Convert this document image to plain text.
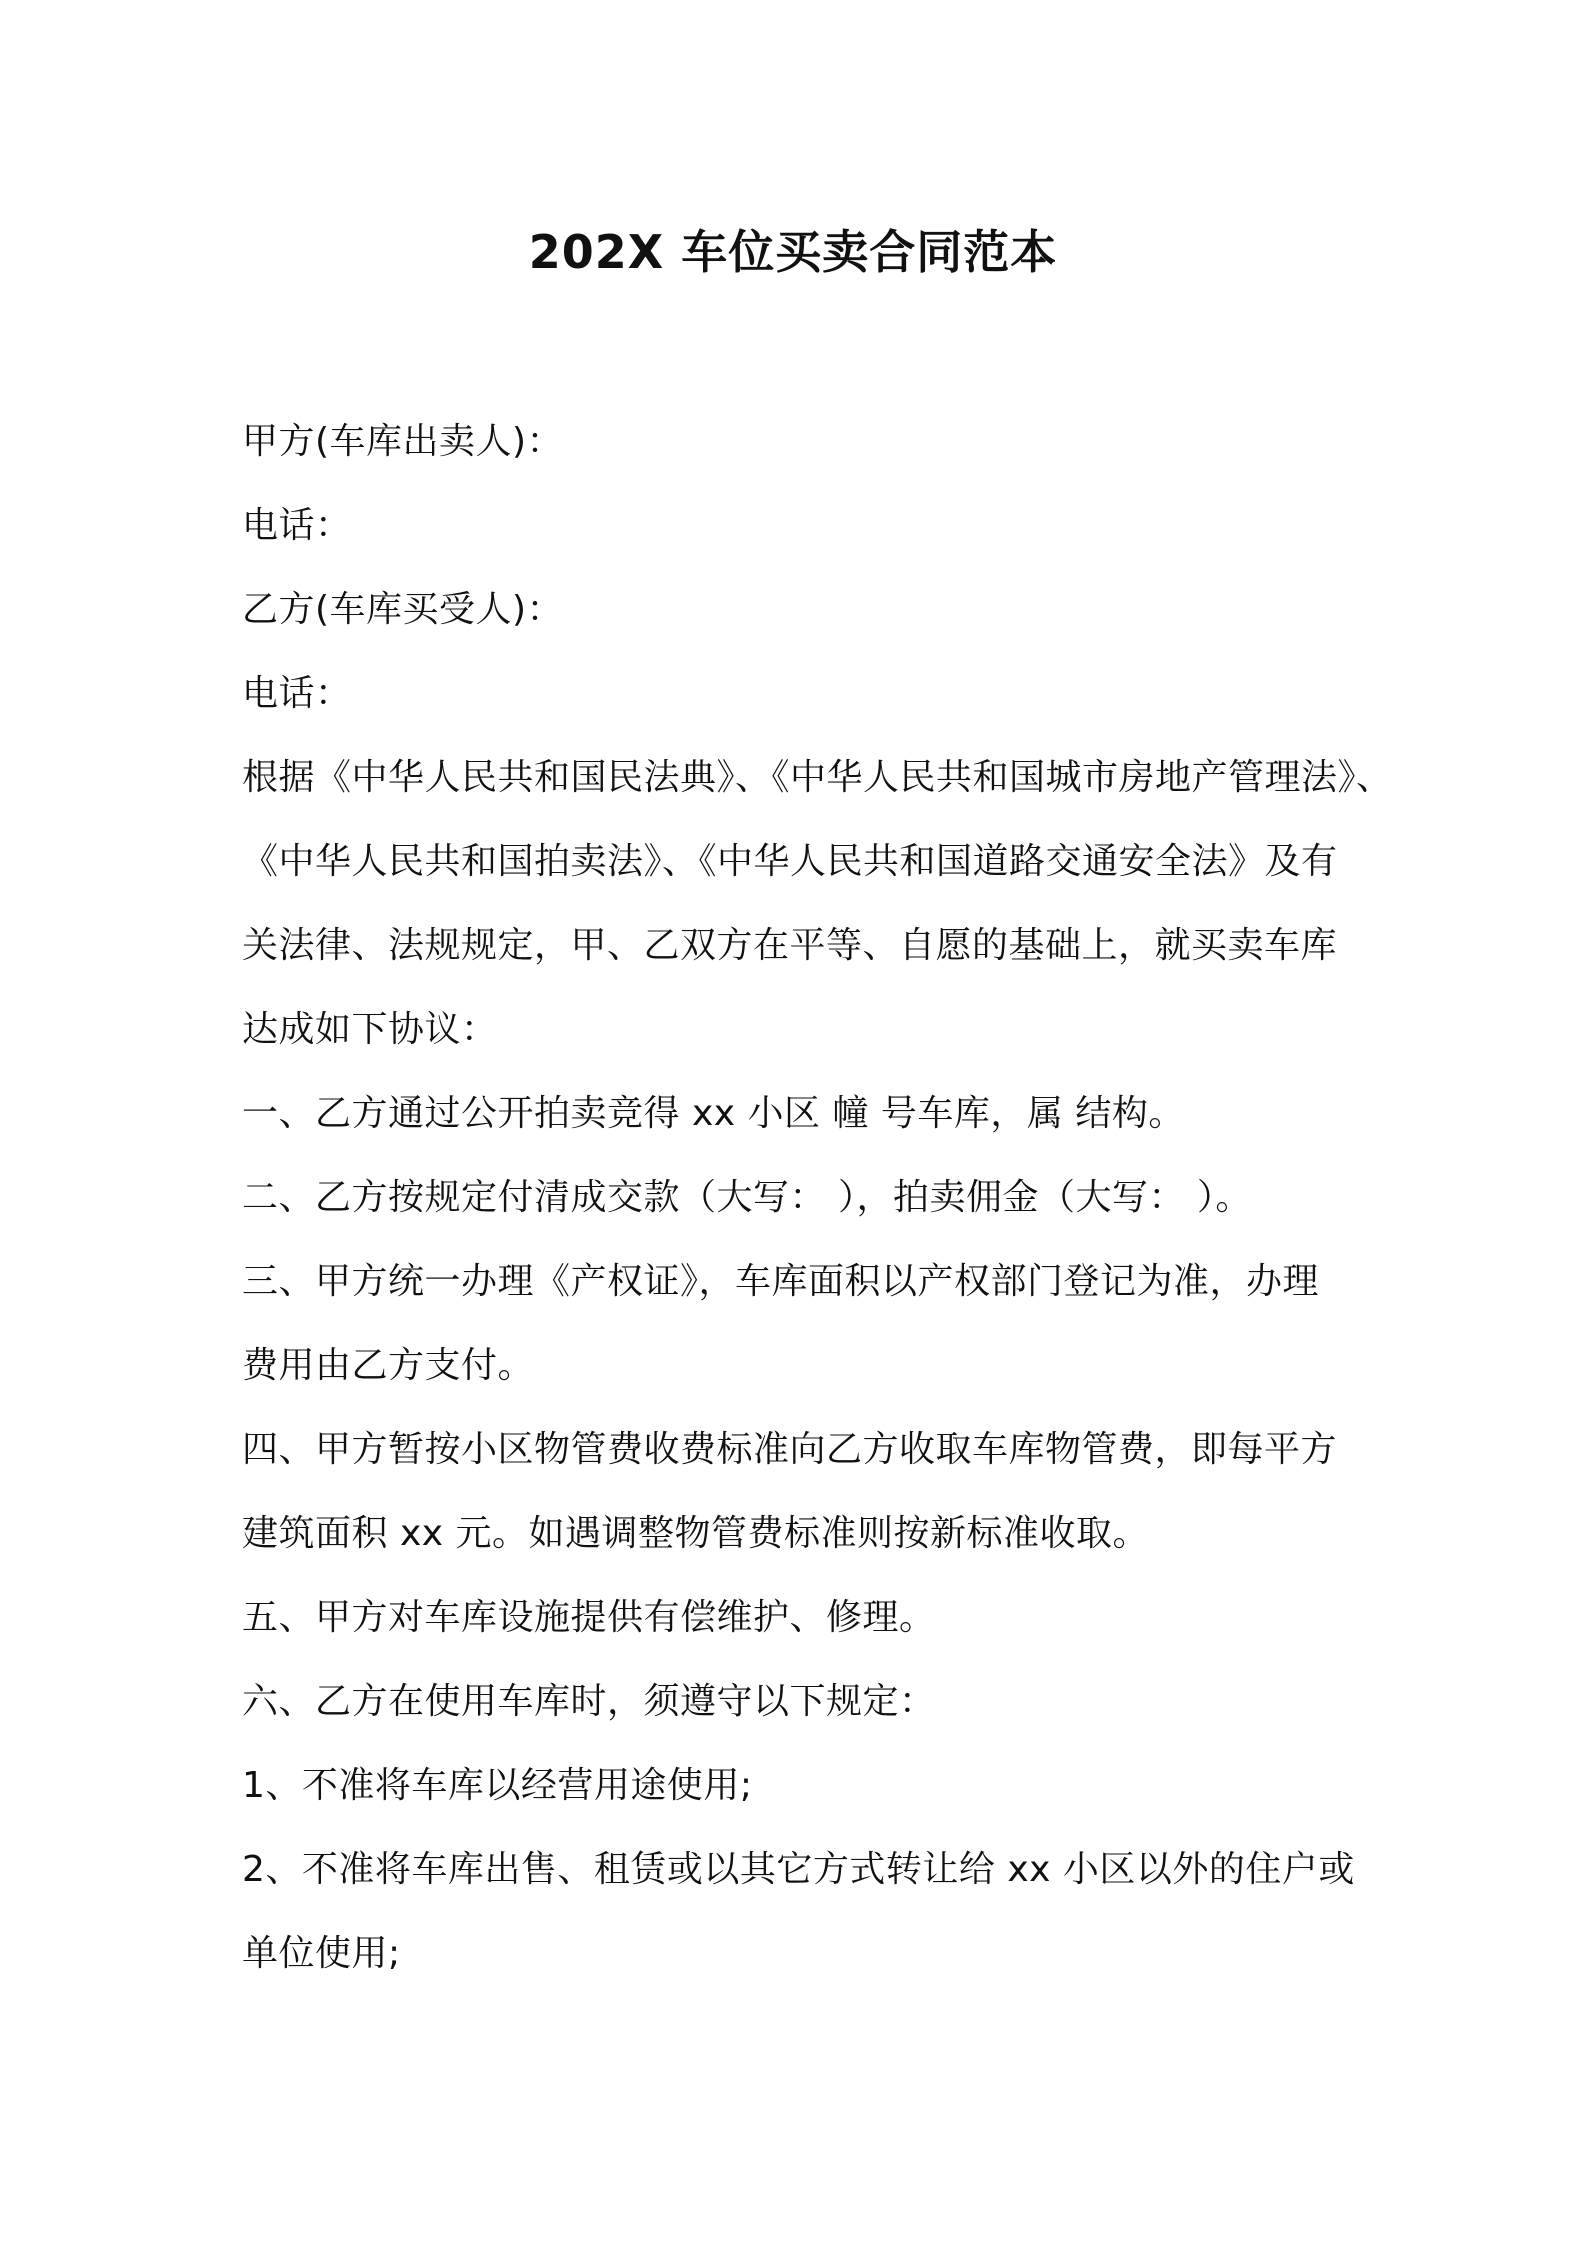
202X 车位买卖合同范本
甲方(车库出卖人)：
电话：
乙方(车库买受人)：
电话：
根据《中华人民共和国民法典》、《中华人民共和国城市房地产管理法》、
《中华人民共和国拍卖法》、《中华人民共和国道路交通安全法》及有
关法律、法规规定，甲、乙双方在平等、自愿的基础上，就买卖车库
达成如下协议：
一、乙方通过公开拍卖竞得 xx 小区 幢 号车库，属 结构。
二、乙方按规定付清成交款（大写： ），拍卖佣金（大写： ）。
三、甲方统一办理《产权证》，车库面积以产权部门登记为准，办理
费用由乙方支付。
四、甲方暂按小区物管费收费标准向乙方收取车库物管费，即每平方
建筑面积 xx 元。如遇调整物管费标准则按新标准收取。
五、甲方对车库设施提供有偿维护、修理。
六、乙方在使用车库时，须遵守以下规定：
1、不准将车库以经营用途使用;
2、不准将车库出售、租赁或以其它方式转让给 xx 小区以外的住户或
单位使用;
